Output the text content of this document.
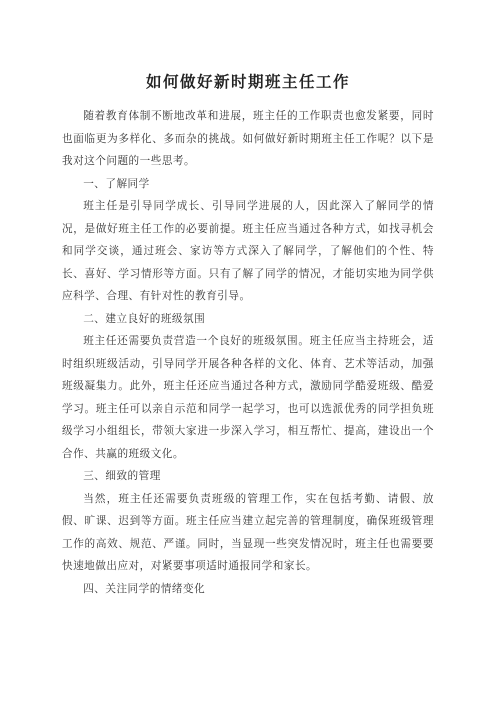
如何做好新时期班主任工作

随着教育体制不断地改革和进展，班主任的工作职责也愈发紧要，同时也面临更为多样化、多而杂的挑战。如何做好新时期班主任工作呢？以下是我对这个问题的一些思考。

一、了解同学

班主任是引导同学成长、引导同学进展的人，因此深入了解同学的情况，是做好班主任工作的必要前提。班主任应当通过各种方式，如找寻机会和同学交谈，通过班会、家访等方式深入了解同学，了解他们的个性、特长、喜好、学习情形等方面。只有了解了同学的情况，才能切实地为同学供应科学、合理、有针对性的教育引导。

二、建立良好的班级氛围

班主任还需要负责营造一个良好的班级氛围。班主任应当主持班会，适时组织班级活动，引导同学开展各种各样的文化、体育、艺术等活动，加强班级凝集力。此外，班主任还应当通过各种方式，激励同学酷爱班级、酷爱学习。班主任可以亲自示范和同学一起学习，也可以选派优秀的同学担负班级学习小组组长，带领大家进一步深入学习，相互帮忙、提高，建设出一个合作、共赢的班级文化。

三、细致的管理

当然，班主任还需要负责班级的管理工作，实在包括考勤、请假、放假、旷课、迟到等方面。班主任应当建立起完善的管理制度，确保班级管理工作的高效、规范、严谨。同时，当显现一些突发情况时，班主任也需要要快速地做出应对，对紧要事项适时通报同学和家长。

四、关注同学的情绪变化
